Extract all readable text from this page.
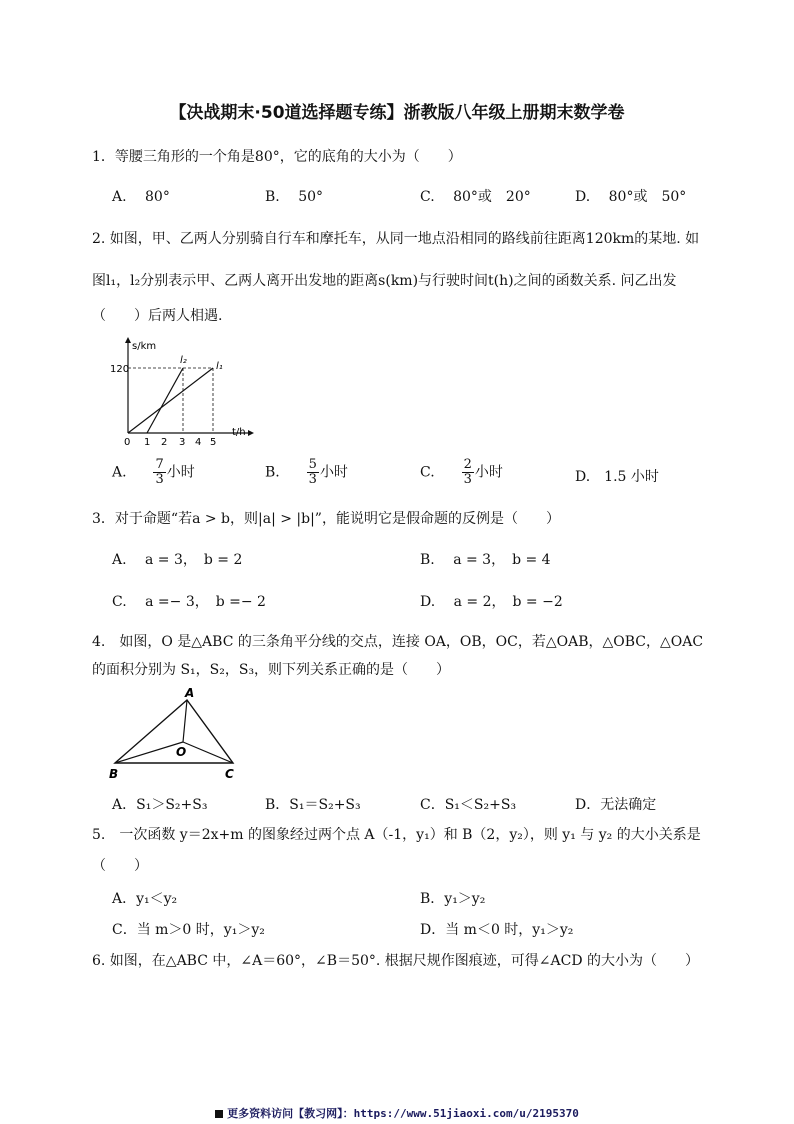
【决战期末·50道选择题专练】浙教版八年级上册期末数学卷
1．等腰三角形的一个角是80°，它的底角的大小为（　　）
A.　 80°	B.　 50°	C.　 80°或　20°	D.　 80°或　50°
2. 如图，甲、乙两人分别骑自行车和摩托车，从同一地点沿相同的路线前往距离120km的某地. 如
图l₁，l₂分别表示甲、乙两人离开出发地的距离s(km)与行驶时间t(h)之间的函数关系. 问乙出发
（　　）后两人相遇.
s/km
t/h
120	l₁
l₂
0 1 2 3 4 5
A. $\frac{7}{3}$ 小时	B. $\frac{5}{3}$ 小时	C. $\frac{2}{3}$ 小时	D.　1.5 小时
3．对于命题“若a > b，则|a| > |b|”，能说明它是假命题的反例是（　　）
A.　 a = 3，　b = 2	B.　 a = 3，　b = 4
C.　 a =− 3，　b =− 2	D.　 a = 2，　b = −2
4.　如图，O 是△ABC 的三条角平分线的交点，连接 OA，OB，OC，若△OAB，△OBC，△OAC
的面积分别为 S₁，S₂，S₃，则下列关系正确的是（　　）
A
B	C
O
A．S₁＞S₂+S₃	B．S₁＝S₂+S₃	C．S₁＜S₂+S₃	D．无法确定
5.　一次函数 y＝2x+m 的图象经过两个点 A（-1，y₁）和 B（2，y₂），则 y₁ 与 y₂ 的大小关系是
（　　）
A．y₁＜y₂	B．y₁＞y₂
C．当 m＞0 时，y₁＞y₂	D．当 m＜0 时，y₁＞y₂
6. 如图，在△ABC 中，∠A＝60°，∠B＝50°. 根据尺规作图痕迹，可得∠ACD 的大小为（　　）
更多资料访问【教习网】：https://www.51jiaoxi.com/u/2195370
